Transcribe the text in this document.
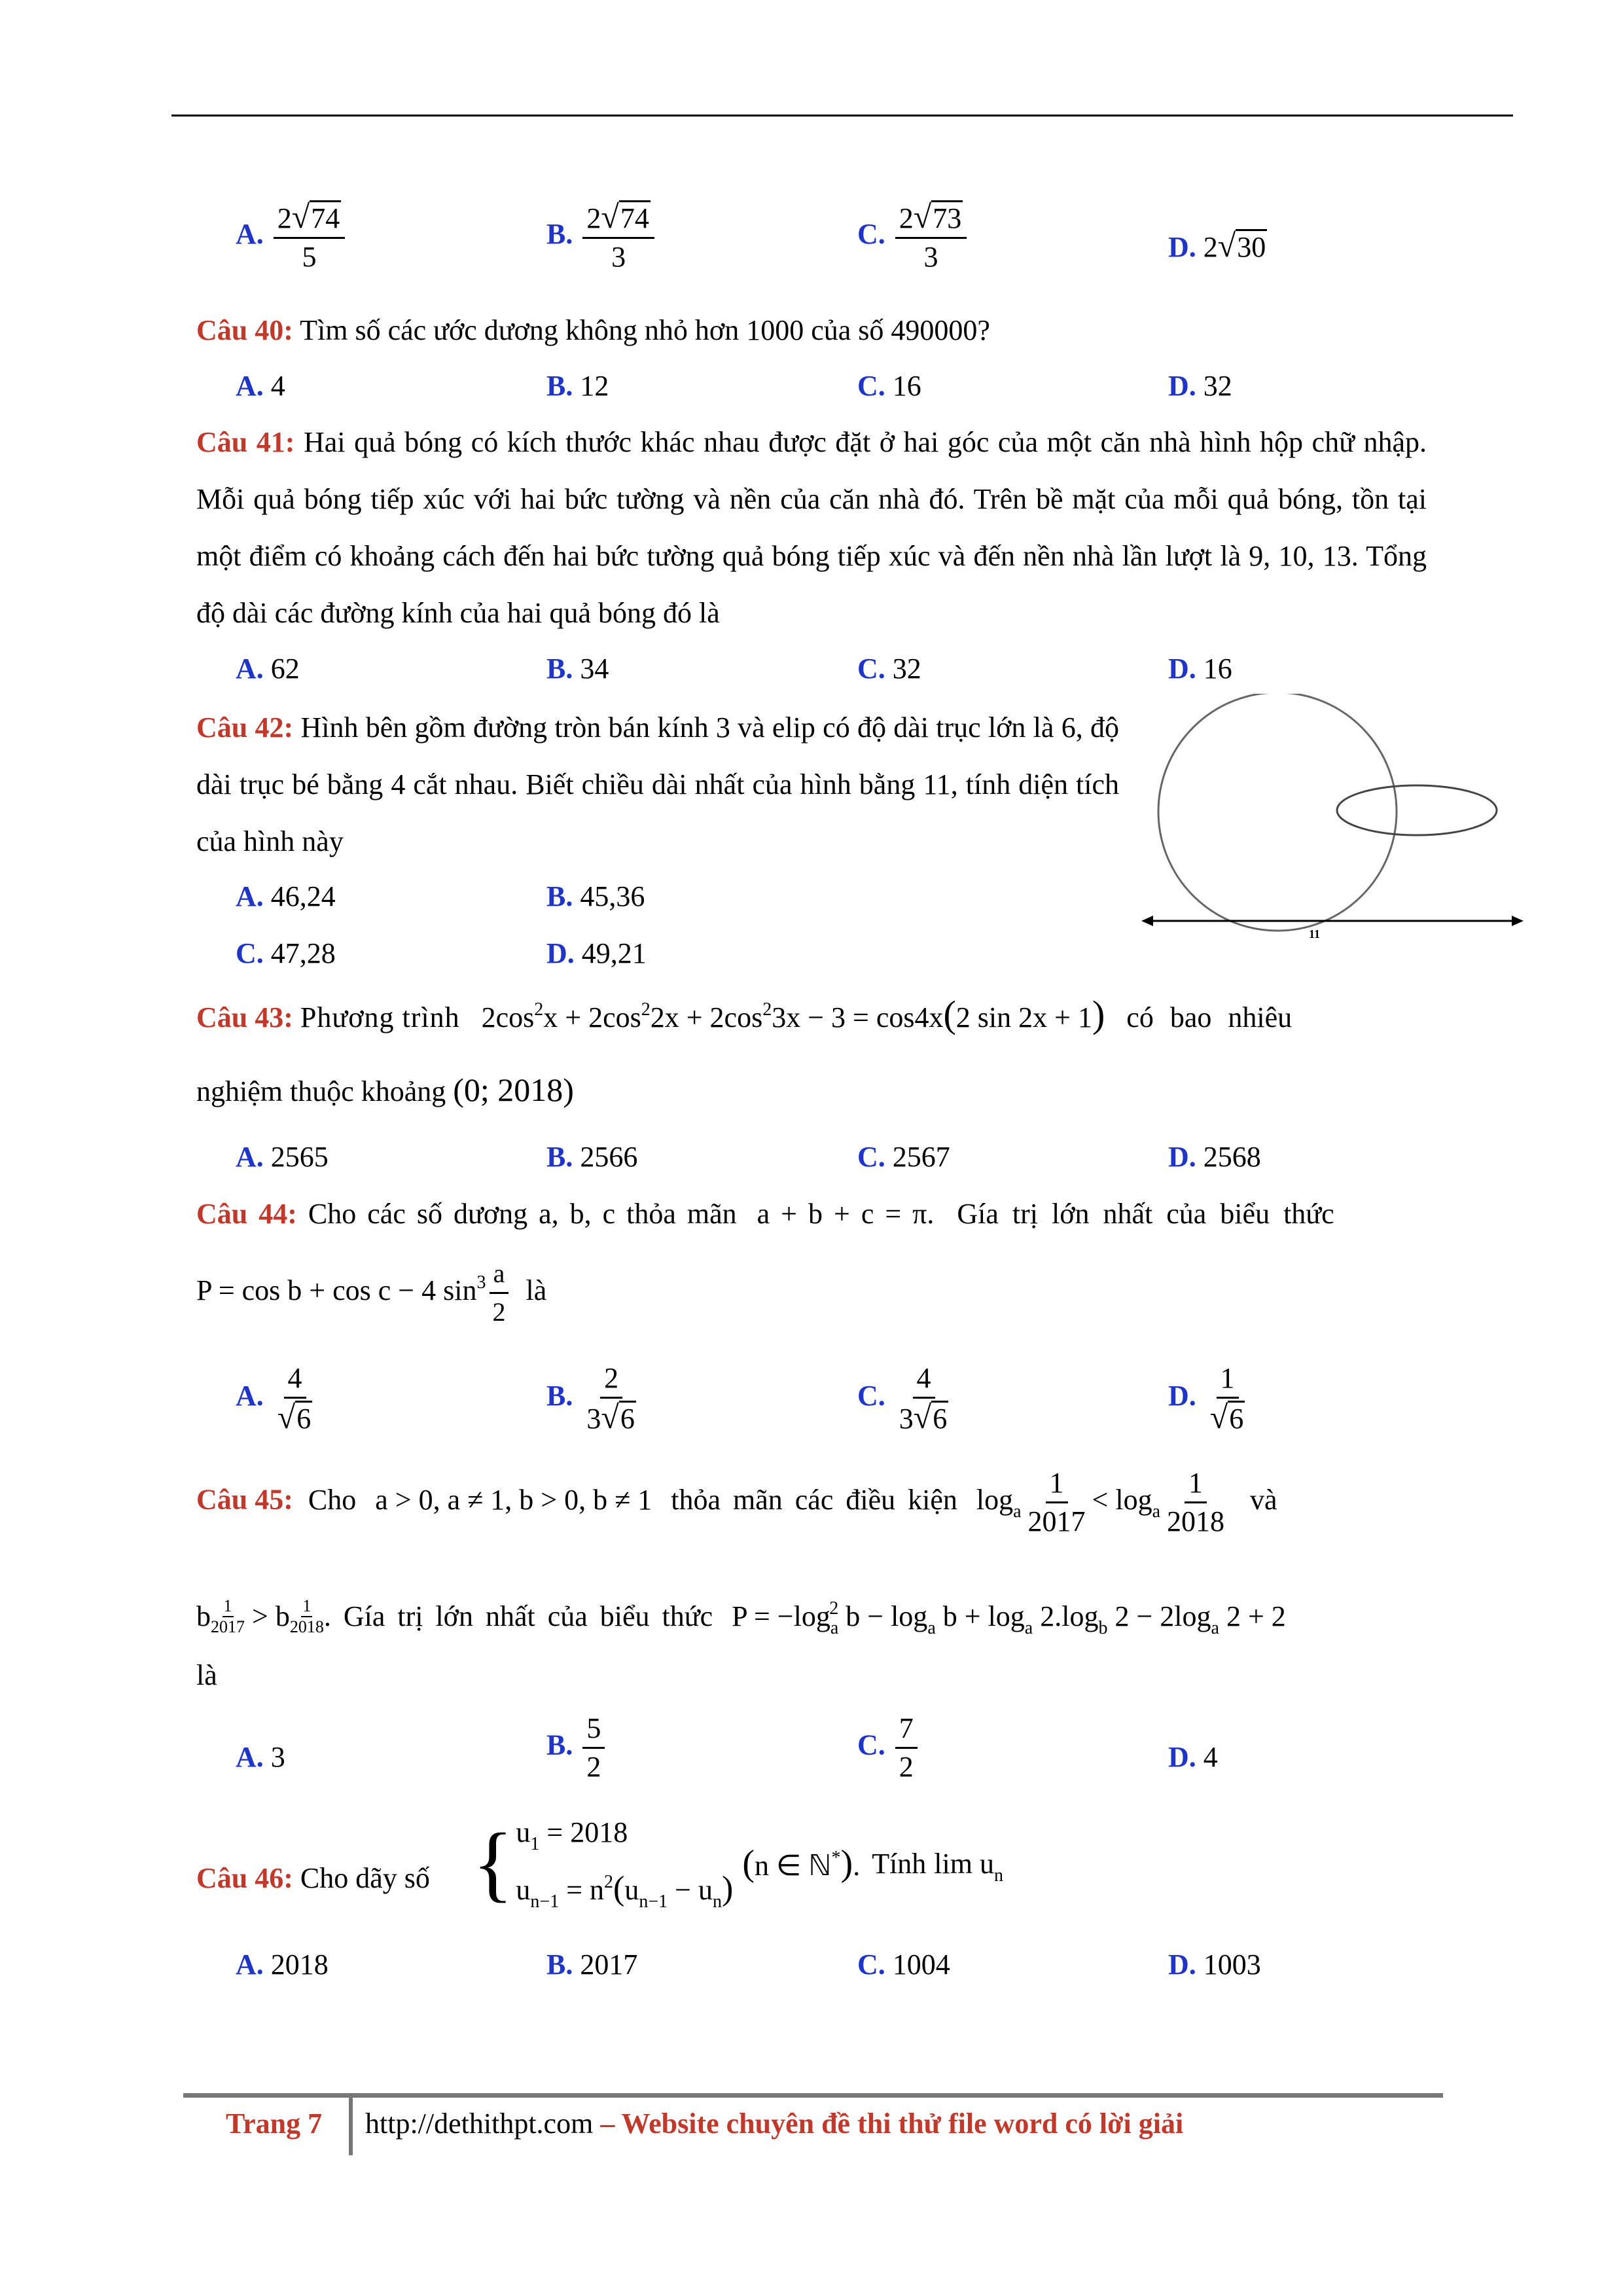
A. $\frac{2√74}{5}$	B. $\frac{2√74}{3}$	C. $\frac{2√73}{3}$	D. 2√30
Câu 40: Tìm số các ước dương không nhỏ hơn 1000 của số 490000?
A. 4	B. 12	C. 16	D. 32
Câu 41: Hai quả bóng có kích thước khác nhau được đặt ở hai góc của một căn nhà hình hộp chữ nhập. Mỗi quả bóng tiếp xúc với hai bức tường và nền của căn nhà đó. Trên bề mặt của mỗi quả bóng, tồn tại một điểm có khoảng cách đến hai bức tường quả bóng tiếp xúc và đến nền nhà lần lượt là 9, 10, 13. Tổng độ dài các đường kính của hai quả bóng đó là
A. 62	B. 34	C. 32	D. 16
Câu 42: Hình bên gồm đường tròn bán kính 3 và elip có độ dài trục lớn là 6, độ dài trục bé bằng 4 cắt nhau. Biết chiều dài nhất của hình bằng 11, tính diện tích của hình này
A. 46,24	B. 45,36
C. 47,28	D. 49,21
11
Câu 43: Phương trình $2\cos^2x + 2\cos^22x + 2\cos^23x - 3 = \cos 4x(2$ sin 2x + 1) có bao nhiêu
nghiệm thuộc khoảng (0; 2018)
A. 2565	B. 2566	C. 2567	D. 2568
Câu 44: Cho các số dương a, b, c thỏa mãn a + b + c = π. Gía trị lớn nhất của biểu thức
P = cos b + cos c − 4 $\sin^3 \frac{a}{2}$ là
A. $\frac{4}{√6}$	B. $\frac{2}{3√6}$	C. $\frac{4}{3√6}$	D. $\frac{1}{√6}$
Câu 45: Cho a > 0, a ≠ 1, b > 0, b ≠ 1 thỏa mãn các điều kiện $\log_a \frac{1}{2017} < \log_a \frac{1}{2018}$ và
b $\frac{1}{2017} > b \frac{1}{2018}$ . Gía trị lớn nhất của biểu thức $P = -\log_a^2$ $b - \log_a b + \log_a 2.\log_b$ $2 - 2\log_a$ 2 + 2
là
A. 3	B. $\frac{5}{2}$	C. $\frac{7}{2}$	D. 4
Câu 46: Cho dãy số { $u_1 = 2018$
$u_{n-1} = n^2(u_{n-1} - u_n)$
(n ∈ ℕ*). Tính $\lim u_n$
A. 2018	B. 2017	C. 1004	D. 1003
Trang 7 http://dethithpt.com – Website chuyên đề thi thử file word có lời giải
